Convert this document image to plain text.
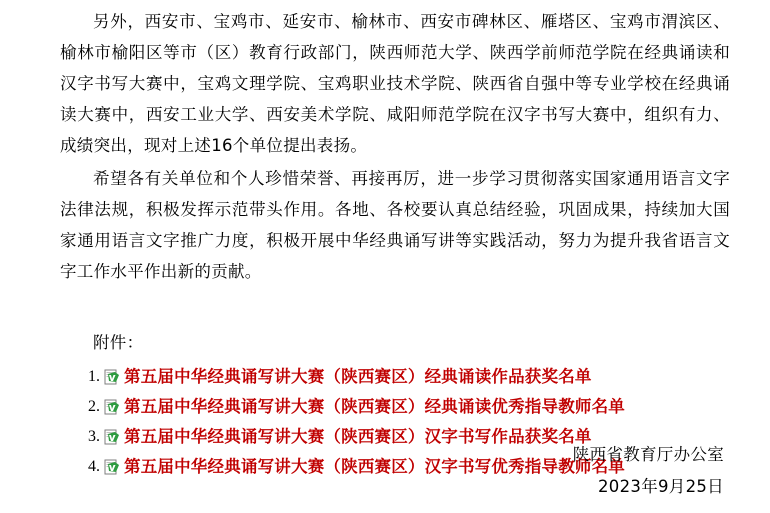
另外，西安市、宝鸡市、延安市、榆林市、西安市碑林区、雁塔区、宝鸡市渭滨区、榆林市榆阳区等市（区）教育行政部门，陕西师范大学、陕西学前师范学院在经典诵读和汉字书写大赛中，宝鸡文理学院、宝鸡职业技术学院、陕西省自强中等专业学校在经典诵读大赛中，西安工业大学、西安美术学院、咸阳师范学院在汉字书写大赛中，组织有力、成绩突出，现对上述16个单位提出表扬。

希望各有关单位和个人珍惜荣誉、再接再厉，进一步学习贯彻落实国家通用语言文字法律法规，积极发挥示范带头作用。各地、各校要认真总结经验，巩固成果，持续加大国家通用语言文字推广力度，积极开展中华经典诵写讲等实践活动，努力为提升我省语言文字工作水平作出新的贡献。

附件：

1. 第五届中华经典诵写讲大赛（陕西赛区）经典诵读作品获奖名单
2. 第五届中华经典诵写讲大赛（陕西赛区）经典诵读优秀指导教师名单
3. 第五届中华经典诵写讲大赛（陕西赛区）汉字书写作品获奖名单
4. 第五届中华经典诵写讲大赛（陕西赛区）汉字书写优秀指导教师名单
陕西省教育厅办公室
2023年9月25日
